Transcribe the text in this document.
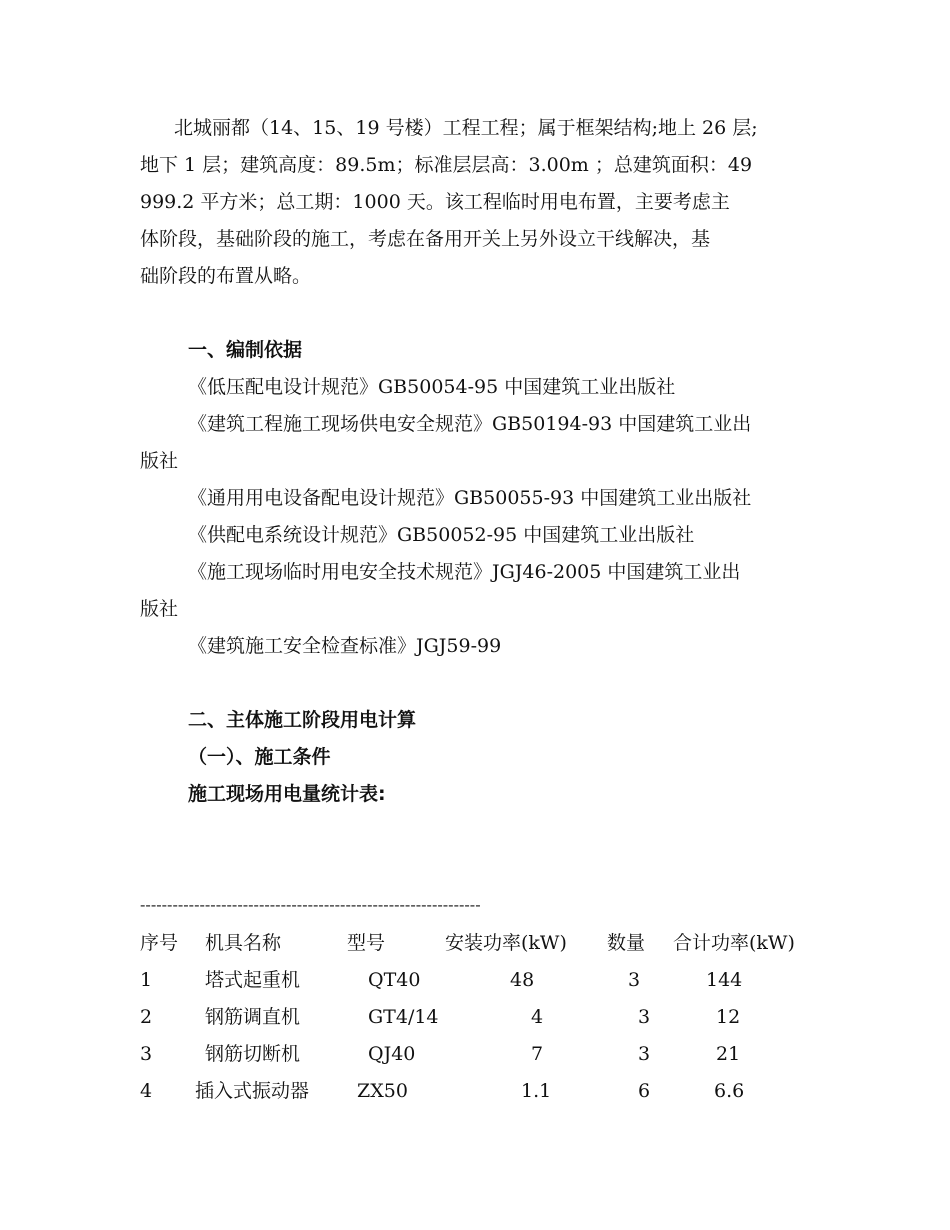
北城丽都（14、15、19 号楼）工程工程；属于框架结构;地上 26 层;
地下 1 层；建筑高度：89.5m；标准层层高：3.00m ；总建筑面积：49
999.2 平方米；总工期：1000 天。该工程临时用电布置，主要考虑主
体阶段，基础阶段的施工，考虑在备用开关上另外设立干线解决，基
础阶段的布置从略。
一、编制依据
《低压配电设计规范》GB50054-95 中国建筑工业出版社
《建筑工程施工现场供电安全规范》GB50194-93 中国建筑工业出
版社
《通用用电设备配电设计规范》GB50055-93 中国建筑工业出版社
《供配电系统设计规范》GB50052-95 中国建筑工业出版社
《施工现场临时用电安全技术规范》JGJ46-2005 中国建筑工业出
版社
《建筑施工安全检查标准》JGJ59-99
二、主体施工阶段用电计算
（一）、施工条件
施工现场用电量统计表:
---------------------------------------------------------------
序号 机具名称	型号	安装功率(kW) 数量 合计功率(kW)
1	塔式起重机	QT40	48	3	144
2	钢筋调直机	GT4/14	4	3	12
3	钢筋切断机	QJ40	7	3	21
4 插入式振动器	ZX50	1.1	6	6.6
